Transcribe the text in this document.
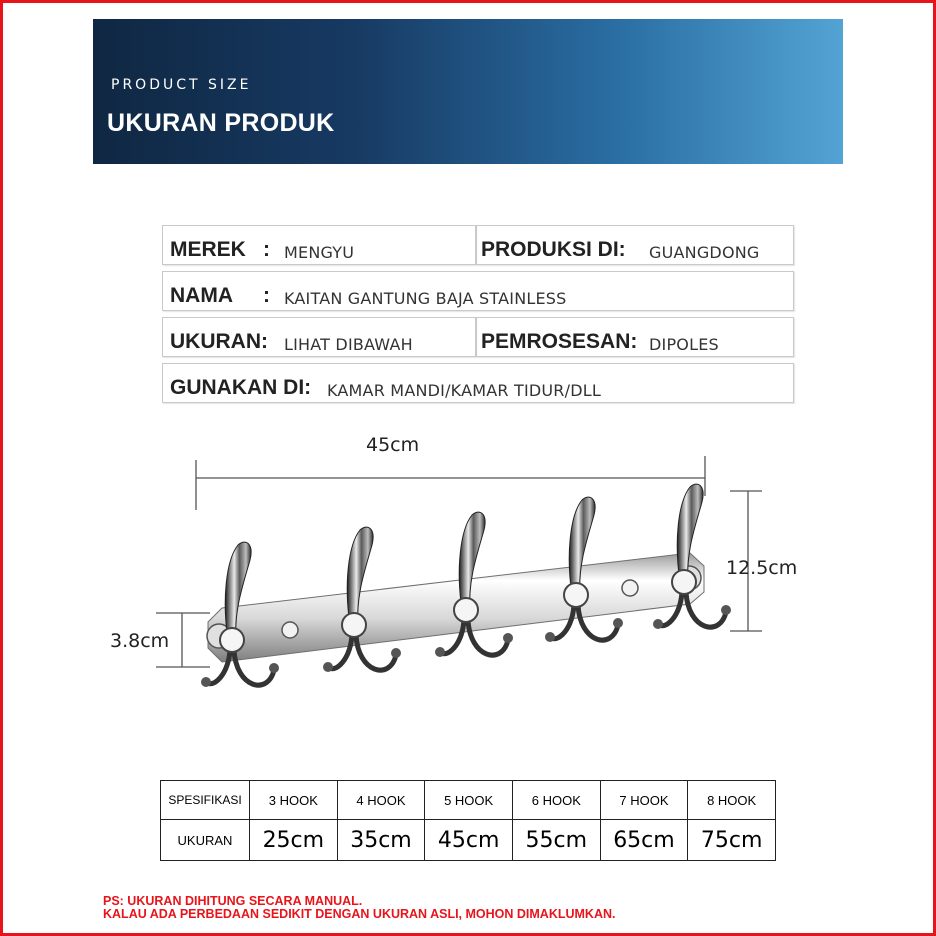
PRODUCT SIZE
UKURAN PRODUK
MEREK : MENGYU	PRODUKSI DI: GUANGDONG
NAMA : KAITAN GANTUNG BAJA STAINLESS
UKURAN: LIHAT DIBAWAH	PEMROSESAN: DIPOLES
GUNAKAN DI: KAMAR MANDI/KAMAR TIDUR/DLL
45cm
12.5cm
3.8cm
SPESIFIKASI	3 HOOK	4 HOOK	5 HOOK	6 HOOK	7 HOOK	8 HOOK
UKURAN	25cm	35cm	45cm	55cm	65cm	75cm
PS: UKURAN DIHITUNG SECARA MANUAL.
KALAU ADA PERBEDAAN SEDIKIT DENGAN UKURAN ASLI, MOHON DIMAKLUMKAN.
